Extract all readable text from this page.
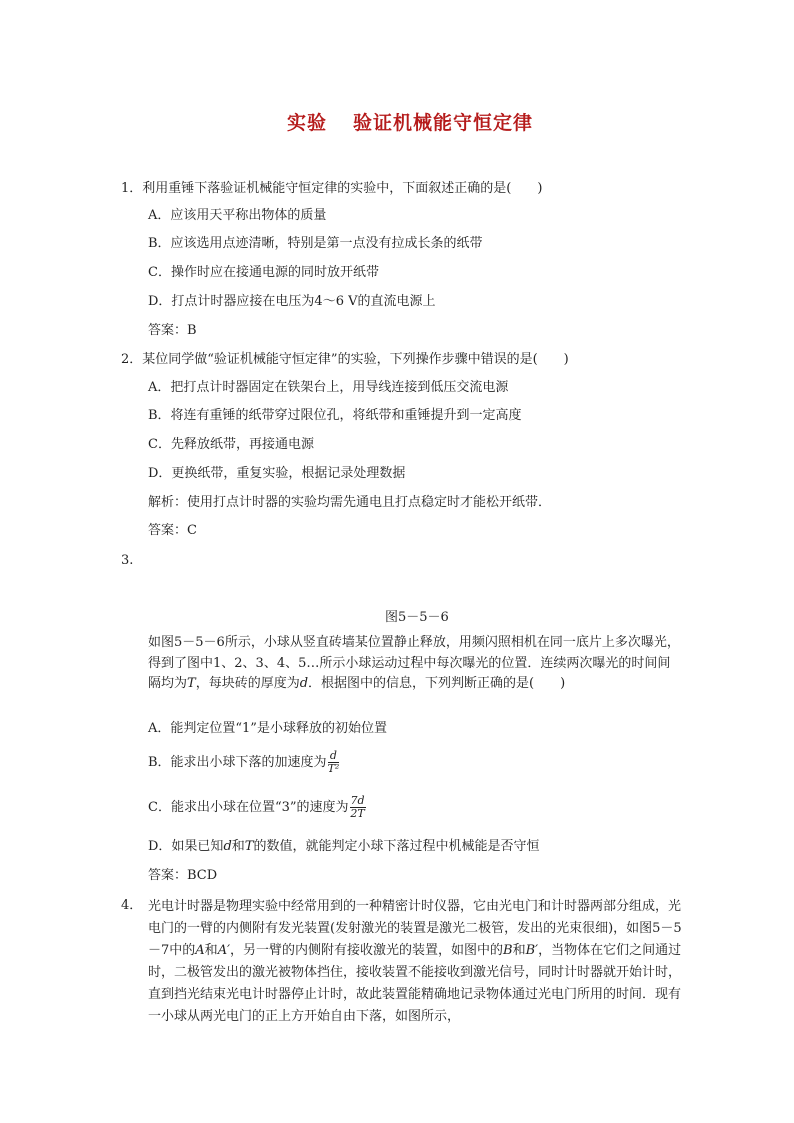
实验 验证机械能守恒定律
1．利用重锤下落验证机械能守恒定律的实验中，下面叙述正确的是(　　)
A．应该用天平称出物体的质量
B．应该选用点迹清晰，特别是第一点没有拉成长条的纸带
C．操作时应在接通电源的同时放开纸带
D．打点计时器应接在电压为4～6 V的直流电源上
答案：B
2．某位同学做“验证机械能守恒定律”的实验，下列操作步骤中错误的是(　　)
A．把打点计时器固定在铁架台上，用导线连接到低压交流电源
B．将连有重锤的纸带穿过限位孔，将纸带和重锤提升到一定高度
C．先释放纸带，再接通电源
D．更换纸带，重复实验，根据记录处理数据
解析：使用打点计时器的实验均需先通电且打点稳定时才能松开纸带．
答案：C
3.
图5－5－6
如图5－5－6所示，小球从竖直砖墙某位置静止释放，用频闪照相机在同一底片上多次曝光，得到了图中1、2、3、4、5…所示小球运动过程中每次曝光的位置．连续两次曝光的时间间隔均为T，每块砖的厚度为d．根据图中的信息，下列判断正确的是(　　)
A．能判定位置“1”是小球释放的初始位置
B．能求出小球下落的加速度为 $\frac{d}{\text{T²}}$
C．能求出小球在位置“3”的速度为 $\frac{7d}{2T}$
D．如果已知d和T的数值，就能判定小球下落过程中机械能是否守恒
答案：BCD
4． 光电计时器是物理实验中经常用到的一种精密计时仪器，它由光电门和计时器两部分组成，光电门的一臂的内侧附有发光装置(发射激光的装置是激光二极管，发出的光束很细)，如图5－5－7中的A和A′，另一臂的内侧附有接收激光的装置，如图中的B和B′，当物体在它们之间通过时，二极管发出的激光被物体挡住，接收装置不能接收到激光信号，同时计时器就开始计时，直到挡光结束光电计时器停止计时，故此装置能精确地记录物体通过光电门所用的时间．现有一小球从两光电门的正上方开始自由下落，如图所示，
